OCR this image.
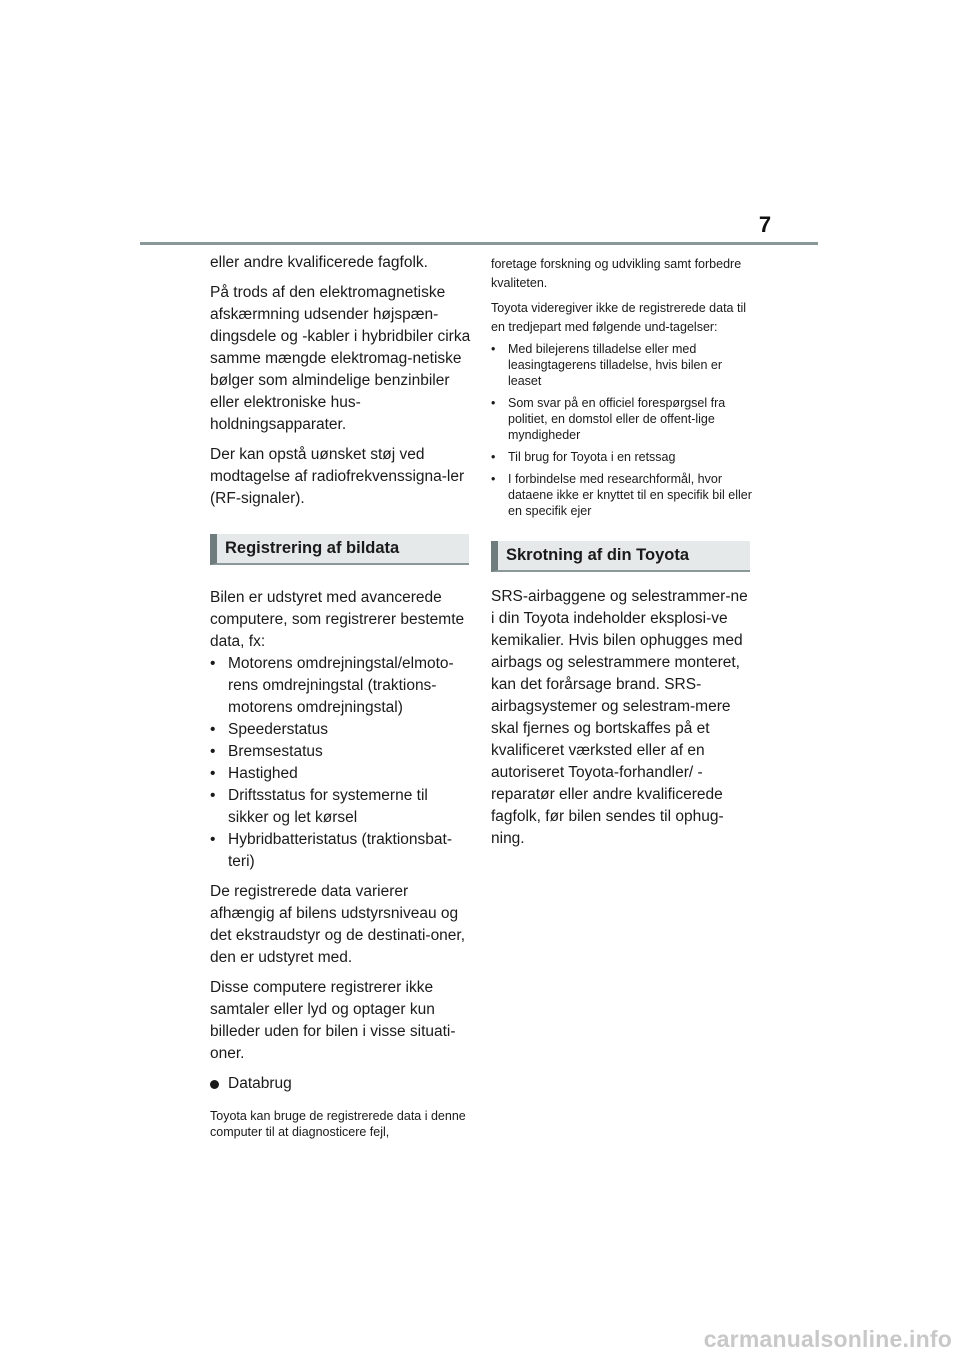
7

eller andre kvalificerede fagfolk.

På trods af den elektromagnetiske afskærmning udsender højspæn-dingsdele og -kabler i hybridbiler cirka samme mængde elektromag-netiske bølger som almindelige benzinbiler eller elektroniske hus-holdningsapparater.

Der kan opstå uønsket støj ved modtagelse af radiofrekvenssigna-ler (RF-signaler).

Registrering af bildata

Bilen er udstyret med avancerede computere, som registrerer bestemte data, fx:

• Motorens omdrejningstal/elmoto-rens omdrejningstal (traktions-motorens omdrejningstal)
• Speederstatus
• Bremsestatus
• Hastighed
• Driftsstatus for systemerne til sikker og let kørsel
• Hybridbatteristatus (traktionsbat-teri)

De registrerede data varierer afhængig af bilens udstyrsniveau og det ekstraudstyr og de destinati-oner, den er udstyret med.

Disse computere registrerer ikke samtaler eller lyd og optager kun billeder uden for bilen i visse situati-oner.

Databrug

Toyota kan bruge de registrerede data i denne computer til at diagnosticere fejl,

foretage forskning og udvikling samt forbedre kvaliteten.

Toyota videregiver ikke de registrerede data til en tredjepart med følgende und-tagelser:

• Med bilejerens tilladelse eller med leasingtagerens tilladelse, hvis bilen er leaset
• Som svar på en officiel forespørgsel fra politiet, en domstol eller de offent-lige myndigheder
• Til brug for Toyota i en retssag
• I forbindelse med researchformål, hvor dataene ikke er knyttet til en specifik bil eller en specifik ejer
Skrotning af din Toyota

SRS-airbaggene og selestrammer-ne i din Toyota indeholder eksplosi-ve kemikalier. Hvis bilen ophugges med airbags og selestrammere monteret, kan det forårsage brand. SRS-airbagsystemer og selestram-mere skal fjernes og bortskaffes på et kvalificeret værksted eller af en autoriseret Toyota-forhandler/ -reparatør eller andre kvalificerede fagfolk, før bilen sendes til ophug-ning.

carmanualsonline.info
